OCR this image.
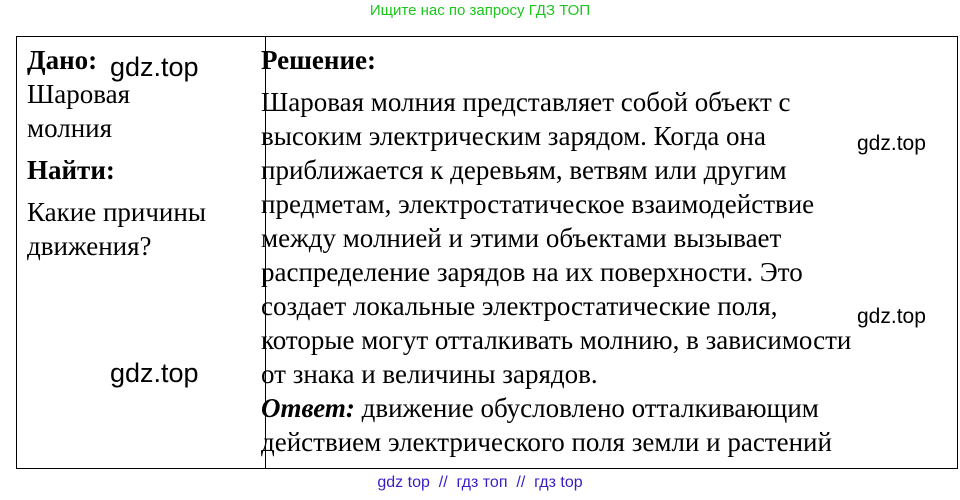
Ищите нас по запросу ГДЗ ТОП
Дано:
Шаровая
молния
Найти:
Какие причины
движения?
Решение:
Шаровая молния представляет собой объект с
высоким электрическим зарядом. Когда она
приближается к деревьям, ветвям или другим
предметам, электростатическое взаимодействие
между молнией и этими объектами вызывает
распределение зарядов на их поверхности. Это
создает локальные электростатические поля,
которые могут отталкивать молнию, в зависимости
от знака и величины зарядов.
Ответ: движение обусловлено отталкивающим
действием электрического поля земли и растений
gdz.top
gdz.top
gdz.top
gdz.top
gdz top  //  гдз топ  //  гдз top
